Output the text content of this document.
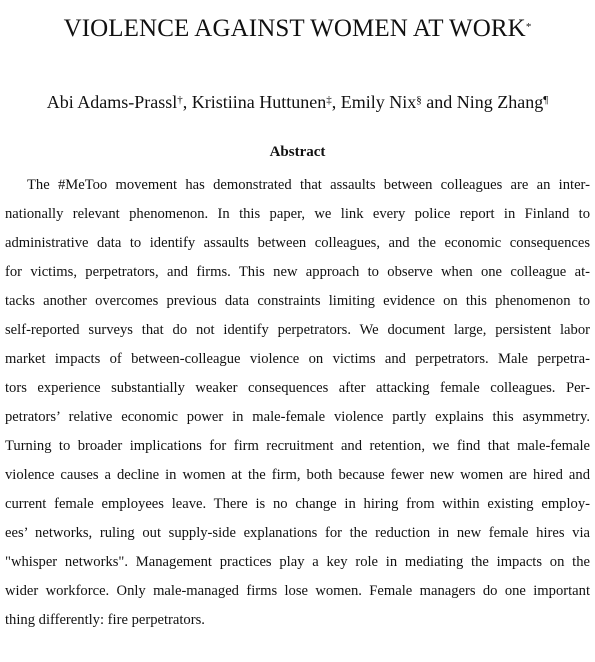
VIOLENCE AGAINST WOMEN AT WORK*

Abi Adams-Prassl†, Kristiina Huttunen‡, Emily Nix§ and Ning Zhang¶

Abstract
The #MeToo movement has demonstrated that assaults between colleagues are an inter-
nationally relevant phenomenon. In this paper, we link every police report in Finland to
administrative data to identify assaults between colleagues, and the economic consequences
for victims, perpetrators, and firms. This new approach to observe when one colleague at-
tacks another overcomes previous data constraints limiting evidence on this phenomenon to
self-reported surveys that do not identify perpetrators. We document large, persistent labor
market impacts of between-colleague violence on victims and perpetrators. Male perpetra-
tors experience substantially weaker consequences after attacking female colleagues. Per-
petrators’ relative economic power in male-female violence partly explains this asymmetry.
Turning to broader implications for firm recruitment and retention, we find that male-female
violence causes a decline in women at the firm, both because fewer new women are hired and
current female employees leave. There is no change in hiring from within existing employ-
ees’ networks, ruling out supply-side explanations for the reduction in new female hires via
"whisper networks". Management practices play a key role in mediating the impacts on the
wider workforce. Only male-managed firms lose women. Female managers do one important
thing differently: fire perpetrators.
